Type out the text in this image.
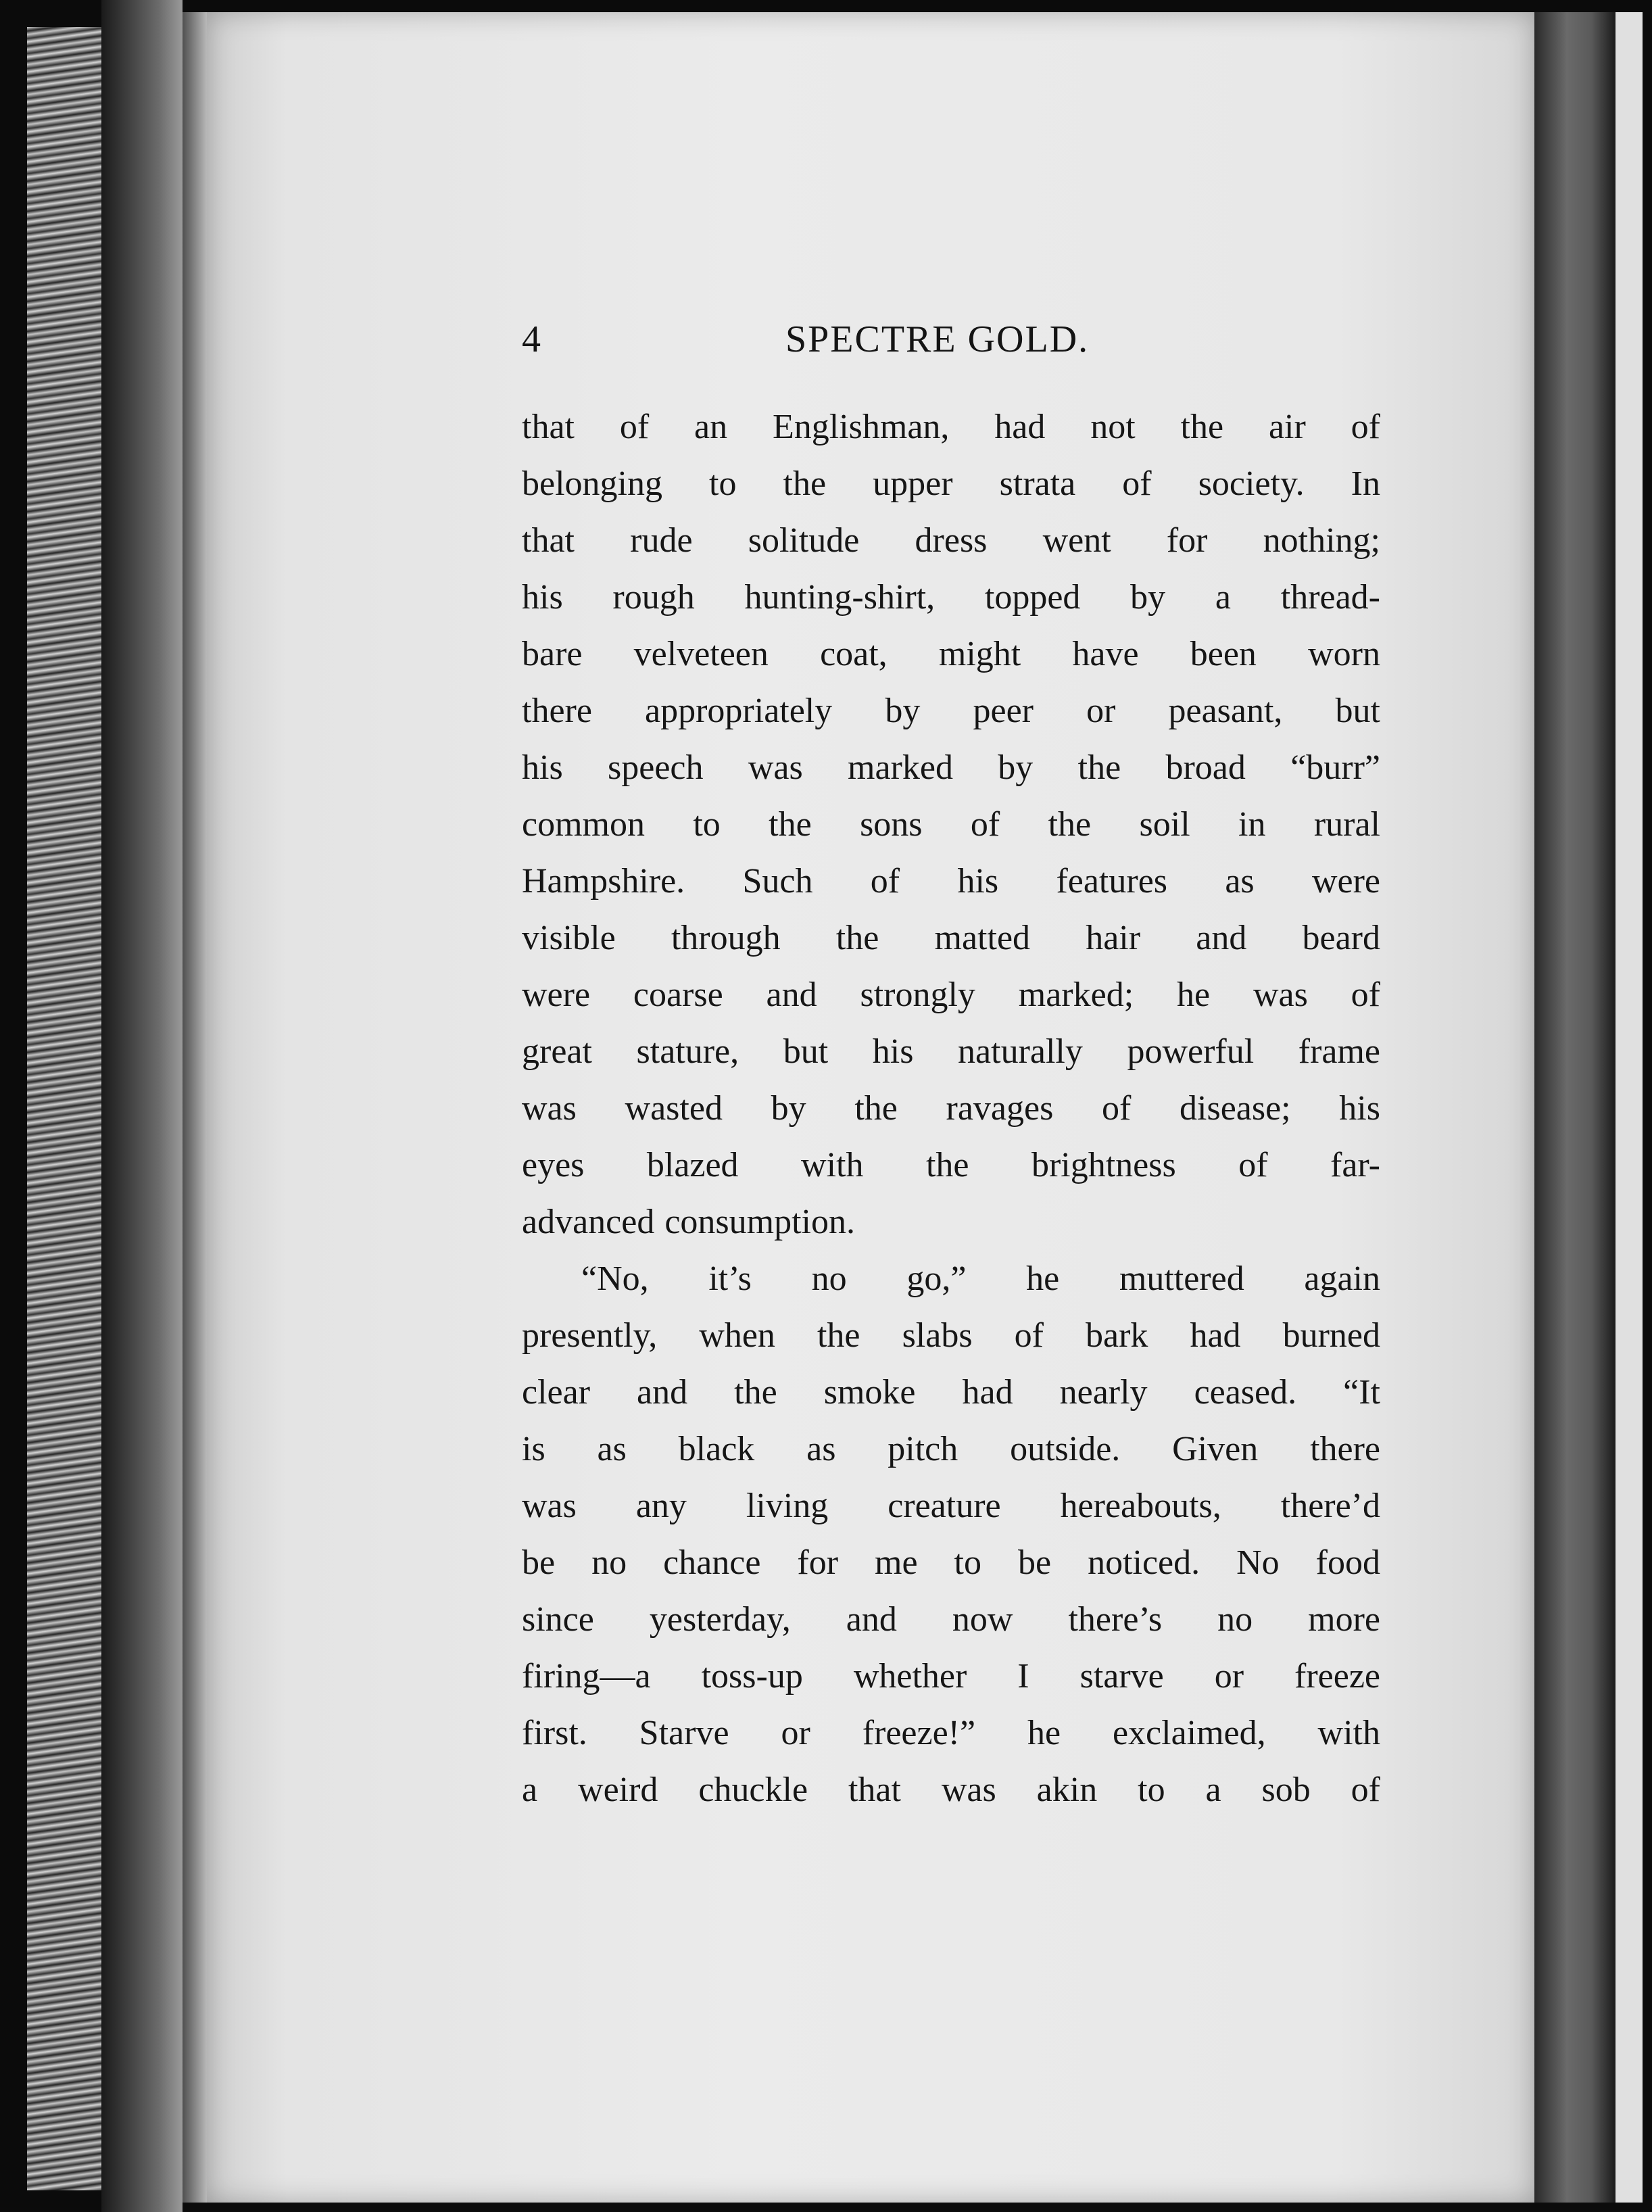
4	SPECTRE GOLD.
that of an Englishman, had not the air of
belonging to the upper strata of society. In
that rude solitude dress went for nothing;
his rough hunting-shirt, topped by a thread-
bare velveteen coat, might have been worn
there appropriately by peer or peasant, but
his speech was marked by the broad “burr”
common to the sons of the soil in rural
Hampshire. Such of his features as were
visible through the matted hair and beard
were coarse and strongly marked; he was of
great stature, but his naturally powerful frame
was wasted by the ravages of disease; his
eyes blazed with the brightness of far-
advanced consumption.
“No, it’s no go,” he muttered again
presently, when the slabs of bark had burned
clear and the smoke had nearly ceased. “It
is as black as pitch outside. Given there
was any living creature hereabouts, there’d
be no chance for me to be noticed. No food
since yesterday, and now there’s no more
firing—a toss-up whether I starve or freeze
first. Starve or freeze!” he exclaimed, with
a weird chuckle that was akin to a sob of
